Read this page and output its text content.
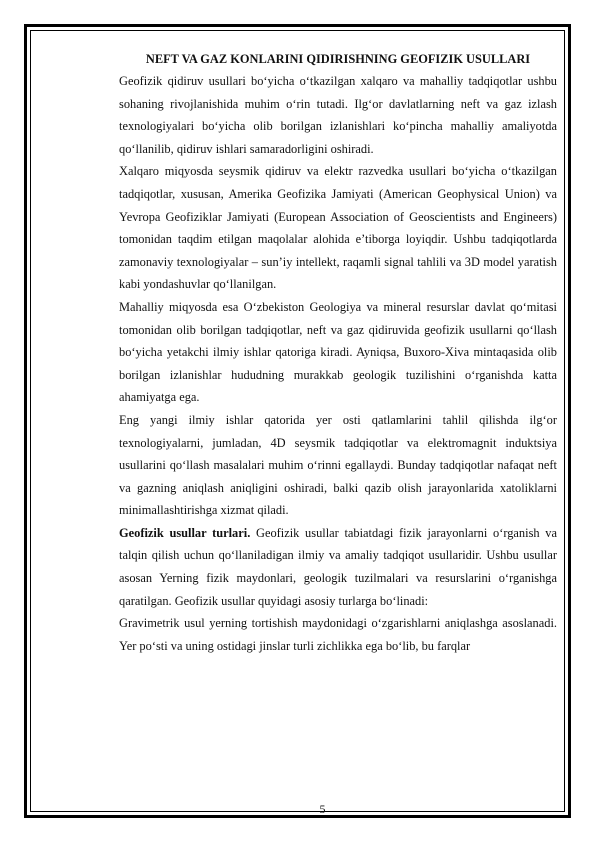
NEFT VA GAZ KONLARINI QIDIRISHNING GEOFIZIK USULLARI

Geofizik qidiruv usullari bo‘yicha o‘tkazilgan xalqaro va mahalliy tadqiqotlar ushbu sohaning rivojlanishida muhim o‘rin tutadi. Ilg‘or davlatlarning neft va gaz izlash texnologiyalari bo‘yicha olib borilgan izlanishlari ko‘pincha mahalliy amaliyotda qo‘llanilib, qidiruv ishlari samaradorligini oshiradi.

Xalqaro miqyosda seysmik qidiruv va elektr razvedka usullari bo‘yicha o‘tkazilgan tadqiqotlar, xususan, Amerika Geofizika Jamiyati (American Geophysical Union) va Yevropa Geofiziklar Jamiyati (European Association of Geoscientists and Engineers) tomonidan taqdim etilgan maqolalar alohida e’tiborga loyiqdir. Ushbu tadqiqotlarda zamonaviy texnologiyalar – sun’iy intellekt, raqamli signal tahlili va 3D model yaratish kabi yondashuvlar qo‘llanilgan.

Mahalliy miqyosda esa O‘zbekiston Geologiya va mineral resurslar davlat qo‘mitasi tomonidan olib borilgan tadqiqotlar, neft va gaz qidiruvida geofizik usullarni qo‘llash bo‘yicha yetakchi ilmiy ishlar qatoriga kiradi. Ayniqsa, Buxoro-Xiva mintaqasida olib borilgan izlanishlar hududning murakkab geologik tuzilishini o‘rganishda katta ahamiyatga ega.

Eng yangi ilmiy ishlar qatorida yer osti qatlamlarini tahlil qilishda ilg‘or texnologiyalarni, jumladan, 4D seysmik tadqiqotlar va elektromagnit induktsiya usullarini qo‘llash masalalari muhim o‘rinni egallaydi. Bunday tadqiqotlar nafaqat neft va gazning aniqlash aniqligini oshiradi, balki qazib olish jarayonlarida xatoliklarni minimallashtirishga xizmat qiladi.

Geofizik usullar turlari. Geofizik usullar tabiatdagi fizik jarayonlarni o‘rganish va talqin qilish uchun qo‘llaniladigan ilmiy va amaliy tadqiqot usullaridir. Ushbu usullar asosan Yerning fizik maydonlari, geologik tuzilmalari va resurslarini o‘rganishga qaratilgan. Geofizik usullar quyidagi asosiy turlarga bo‘linadi:

Gravimetrik usul yerning tortishish maydonidagi o‘zgarishlarni aniqlashga asoslanadi. Yer po‘sti va uning ostidagi jinslar turli zichlikka ega bo‘lib, bu farqlar

5
